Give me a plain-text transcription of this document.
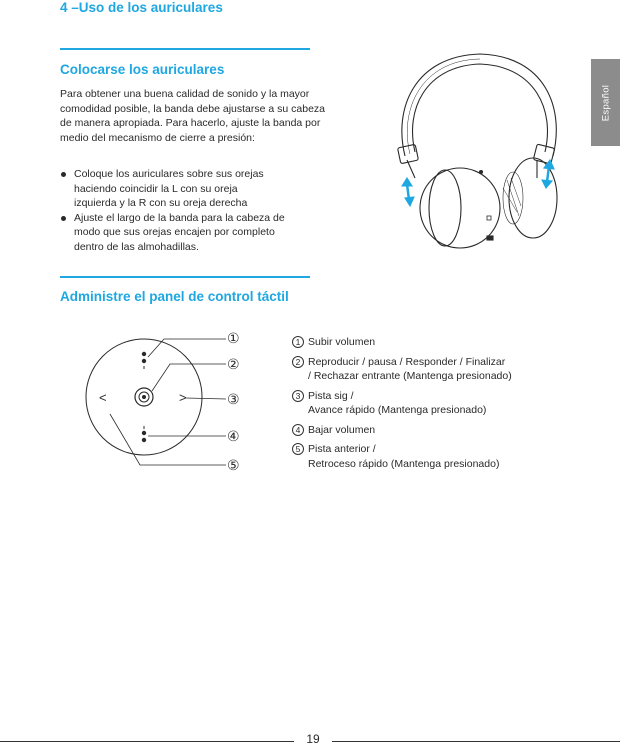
4 –Uso de los auriculares
Español
Colocarse los auriculares
Para obtener una buena calidad de sonido y la mayor
comodidad posible, la banda debe ajustarse a su cabeza
de manera apropiada. Para hacerlo, ajuste la banda por
medio del mecanismo de cierre a presión:
Coloque los auriculares sobre sus orejas
haciendo coincidir la L con su oreja
izquierda y la R con su oreja derecha
Ajuste el largo de la banda para la cabeza de
modo que sus orejas encajen por completo
dentro de las almohadillas.
Administre el panel de control táctil
<	>
①
②
③
④
⑤
1 Subir volumen
2 Reproducir / pausa / Responder / Finalizar
/ Rechazar entrante (Mantenga presionado)
3 Pista sig /
Avance rápido (Mantenga presionado)
4 Bajar volumen
5 Pista anterior /
Retroceso rápido (Mantenga presionado)
19
